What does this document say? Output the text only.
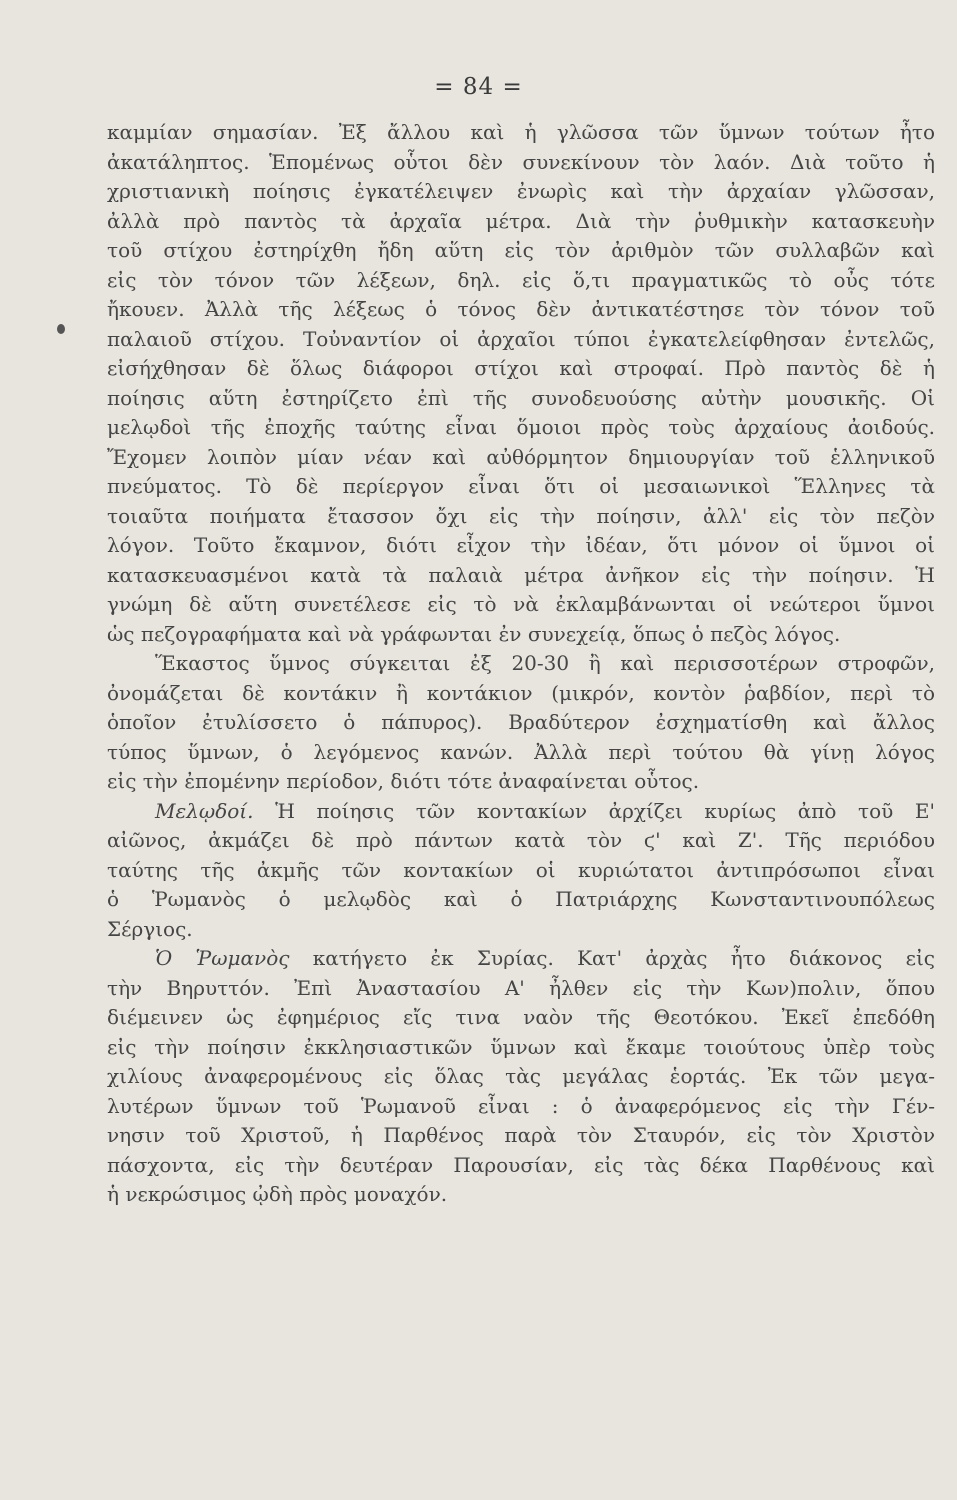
= 84 =
καμμίαν σημασίαν. Ἐξ ἄλλου καὶ ἡ γλῶσσα τῶν ὕμνων τούτων ἦτο
ἀκατάληπτος. Ἑπομένως οὗτοι δὲν συνεκίνουν τὸν λαόν. Διὰ τοῦτο ἡ
χριστιανικὴ ποίησις ἐγκατέλειψεν ἐνωρὶς καὶ τὴν ἀρχαίαν γλῶσσαν,
ἀλλὰ πρὸ παντὸς τὰ ἀρχαῖα μέτρα. Διὰ τὴν ῥυθμικὴν κατασκευὴν
τοῦ στίχου ἐστηρίχθη ἤδη αὕτη εἰς τὸν ἀριθμὸν τῶν συλλαβῶν καὶ
εἰς τὸν τόνον τῶν λέξεων, δηλ. εἰς ὅ,τι πραγματικῶς τὸ οὖς τότε
ἤκουεν. Ἀλλὰ τῆς λέξεως ὁ τόνος δὲν ἀντικατέστησε τὸν τόνον τοῦ
παλαιοῦ στίχου. Τοὐναντίον οἱ ἀρχαῖοι τύποι ἐγκατελείφθησαν ἐντελῶς,
εἰσήχθησαν δὲ ὅλως διάφοροι στίχοι καὶ στροφαί. Πρὸ παντὸς δὲ ἡ
ποίησις αὕτη ἐστηρίζετο ἐπὶ τῆς συνοδευούσης αὐτὴν μουσικῆς. Οἱ
μελῳδοὶ τῆς ἐποχῆς ταύτης εἶναι ὅμοιοι πρὸς τοὺς ἀρχαίους ἀοιδούς.
Ἔχομεν λοιπὸν μίαν νέαν καὶ αὐθόρμητον δημιουργίαν τοῦ ἑλληνικοῦ
πνεύματος. Τὸ δὲ περίεργον εἶναι ὅτι οἱ μεσαιωνικοὶ Ἕλληνες τὰ
τοιαῦτα ποιήματα ἔτασσον ὄχι εἰς τὴν ποίησιν, ἀλλ' εἰς τὸν πεζὸν
λόγον. Τοῦτο ἔκαμνον, διότι εἶχον τὴν ἰδέαν, ὅτι μόνον οἱ ὕμνοι οἱ
κατασκευασμένοι κατὰ τὰ παλαιὰ μέτρα ἀνῆκον εἰς τὴν ποίησιν. Ἡ
γνώμη δὲ αὕτη συνετέλεσε εἰς τὸ νὰ ἐκλαμβάνωνται οἱ νεώτεροι ὕμνοι
ὡς πεζογραφήματα καὶ νὰ γράφωνται ἐν συνεχείᾳ, ὅπως ὁ πεζὸς λόγος.
Ἕκαστος ὕμνος σύγκειται ἐξ 20-30 ἢ καὶ περισσοτέρων στροφῶν,
ὀνομάζεται δὲ κοντάκιν ἢ κοντάκιον (μικρόν, κοντὸν ῥαβδίον, περὶ τὸ
ὁποῖον ἐτυλίσσετο ὁ πάπυρος). Βραδύτερον ἐσχηματίσθη καὶ ἄλλος
τύπος ὕμνων, ὁ λεγόμενος κανών. Ἀλλὰ περὶ τούτου θὰ γίνῃ λόγος
εἰς τὴν ἐπομένην περίοδον, διότι τότε ἀναφαίνεται οὗτος.
Μελῳδοί. Ἡ ποίησις τῶν κοντακίων ἀρχίζει κυρίως ἀπὸ τοῦ Ε'
αἰῶνος, ἀκμάζει δὲ πρὸ πάντων κατὰ τὸν ϛ' καὶ Ζ'. Τῆς περιόδου
ταύτης τῆς ἀκμῆς τῶν κοντακίων οἱ κυριώτατοι ἀντιπρόσωποι εἶναι
ὁ Ῥωμανὸς ὁ μελῳδὸς καὶ ὁ Πατριάρχης Κωνσταντινουπόλεως
Σέργιος.
Ὁ Ῥωμανὸς κατήγετο ἐκ Συρίας. Κατ' ἀρχὰς ἦτο διάκονος εἰς
τὴν Βηρυττόν. Ἐπὶ Ἀναστασίου Α' ἦλθεν εἰς τὴν Κων)πολιν, ὅπου
διέμεινεν ὡς ἐφημέριος εἴς τινα ναὸν τῆς Θεοτόκου. Ἐκεῖ ἐπεδόθη
εἰς τὴν ποίησιν ἐκκλησιαστικῶν ὕμνων καὶ ἔκαμε τοιούτους ὑπὲρ τοὺς
χιλίους ἀναφερομένους εἰς ὅλας τὰς μεγάλας ἑορτάς. Ἐκ τῶν μεγα-
λυτέρων ὕμνων τοῦ Ῥωμανοῦ εἶναι : ὁ ἀναφερόμενος εἰς τὴν Γέν-
νησιν τοῦ Χριστοῦ, ἡ Παρθένος παρὰ τὸν Σταυρόν, εἰς τὸν Χριστὸν
πάσχοντα, εἰς τὴν δευτέραν Παρουσίαν, εἰς τὰς δέκα Παρθένους καὶ
ἡ νεκρώσιμος ᾠδὴ πρὸς μοναχόν.
